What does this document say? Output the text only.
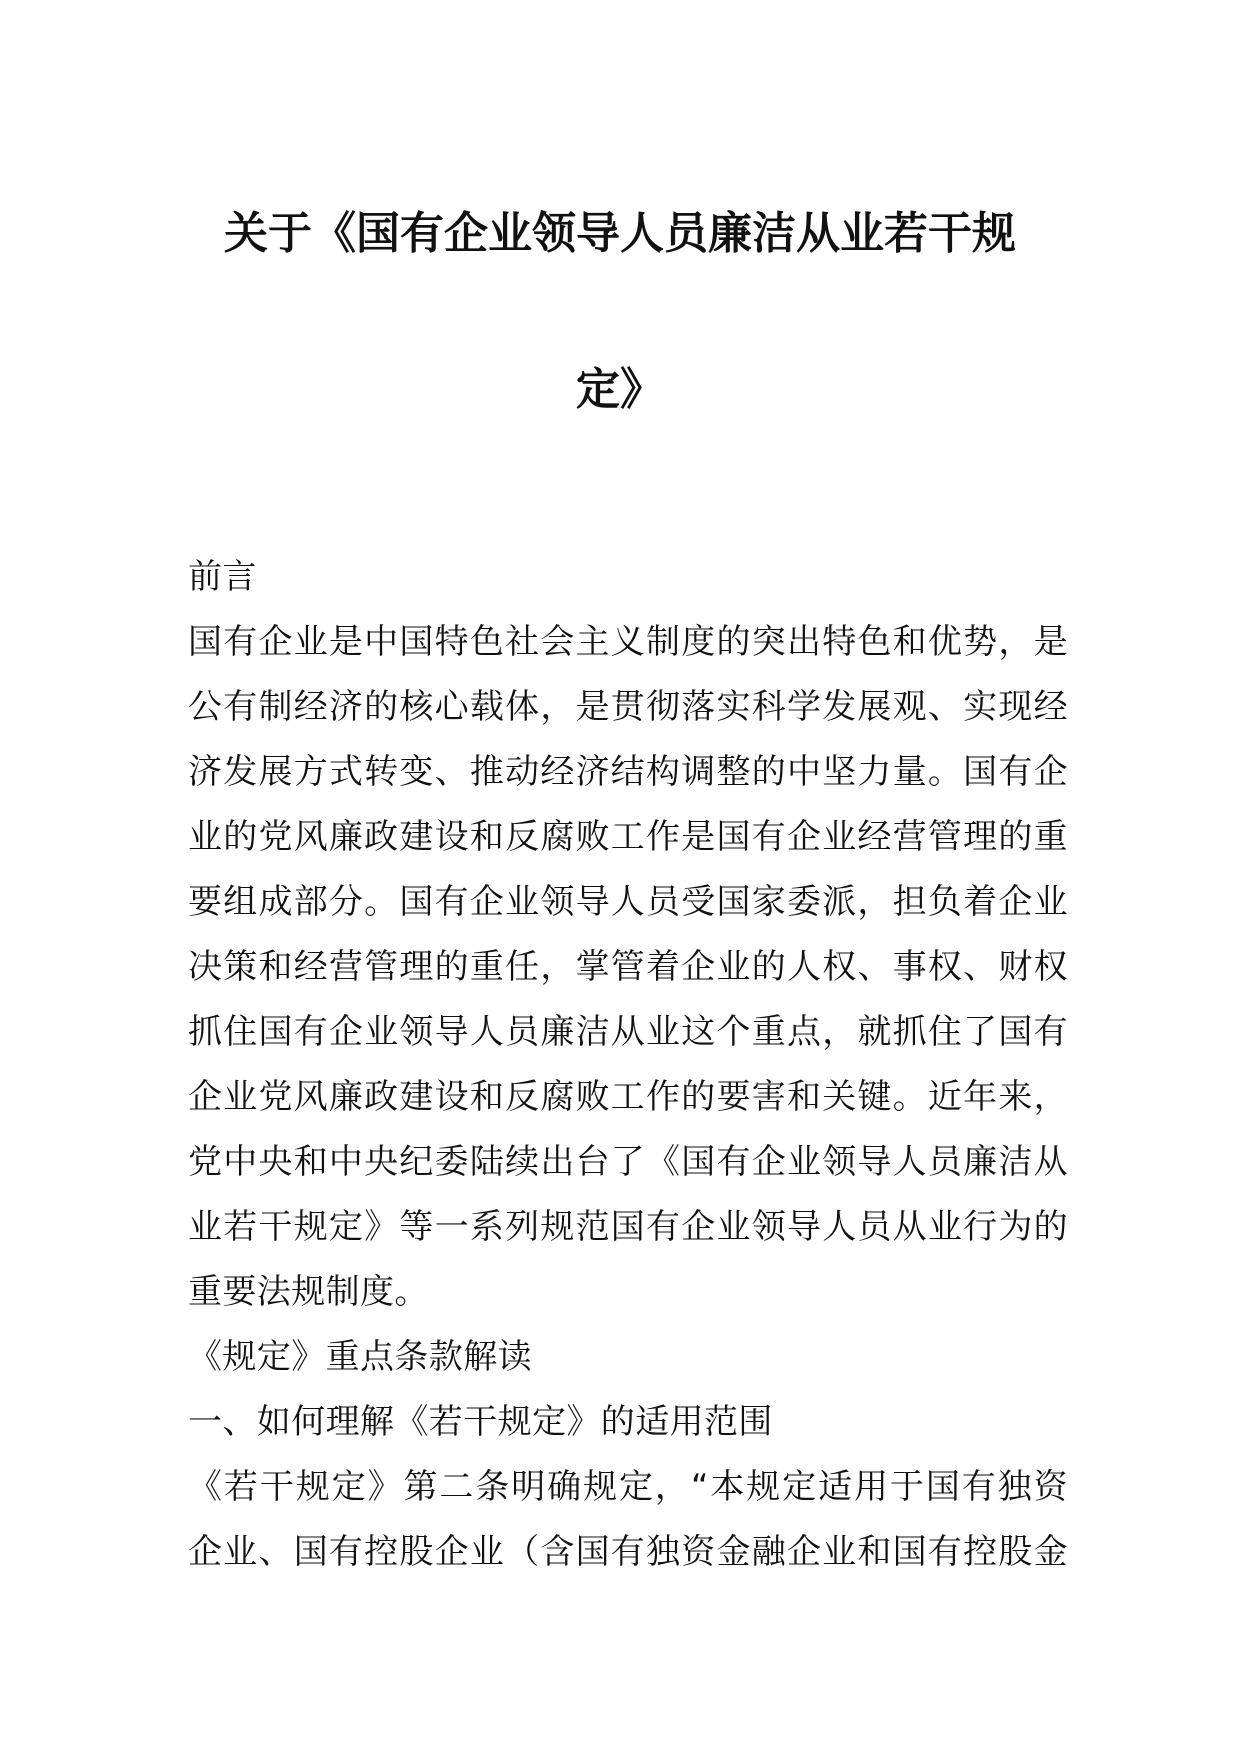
关于《国有企业领导人员廉洁从业若干规
定》
前言
国有企业是中国特色社会主义制度的突出特色和优势，是
公有制经济的核心载体，是贯彻落实科学发展观、实现经
济发展方式转变、推动经济结构调整的中坚力量。国有企
业的党风廉政建设和反腐败工作是国有企业经营管理的重
要组成部分。国有企业领导人员受国家委派，担负着企业
决策和经营管理的重任，掌管着企业的人权、事权、财权
抓住国有企业领导人员廉洁从业这个重点，就抓住了国有
企业党风廉政建设和反腐败工作的要害和关键。近年来，
党中央和中央纪委陆续出台了《国有企业领导人员廉洁从
业若干规定》等一系列规范国有企业领导人员从业行为的
重要法规制度。
《规定》重点条款解读
一、如何理解《若干规定》的适用范围
《若干规定》第二条明确规定，“本规定适用于国有独资
企业、国有控股企业（含国有独资金融企业和国有控股金
